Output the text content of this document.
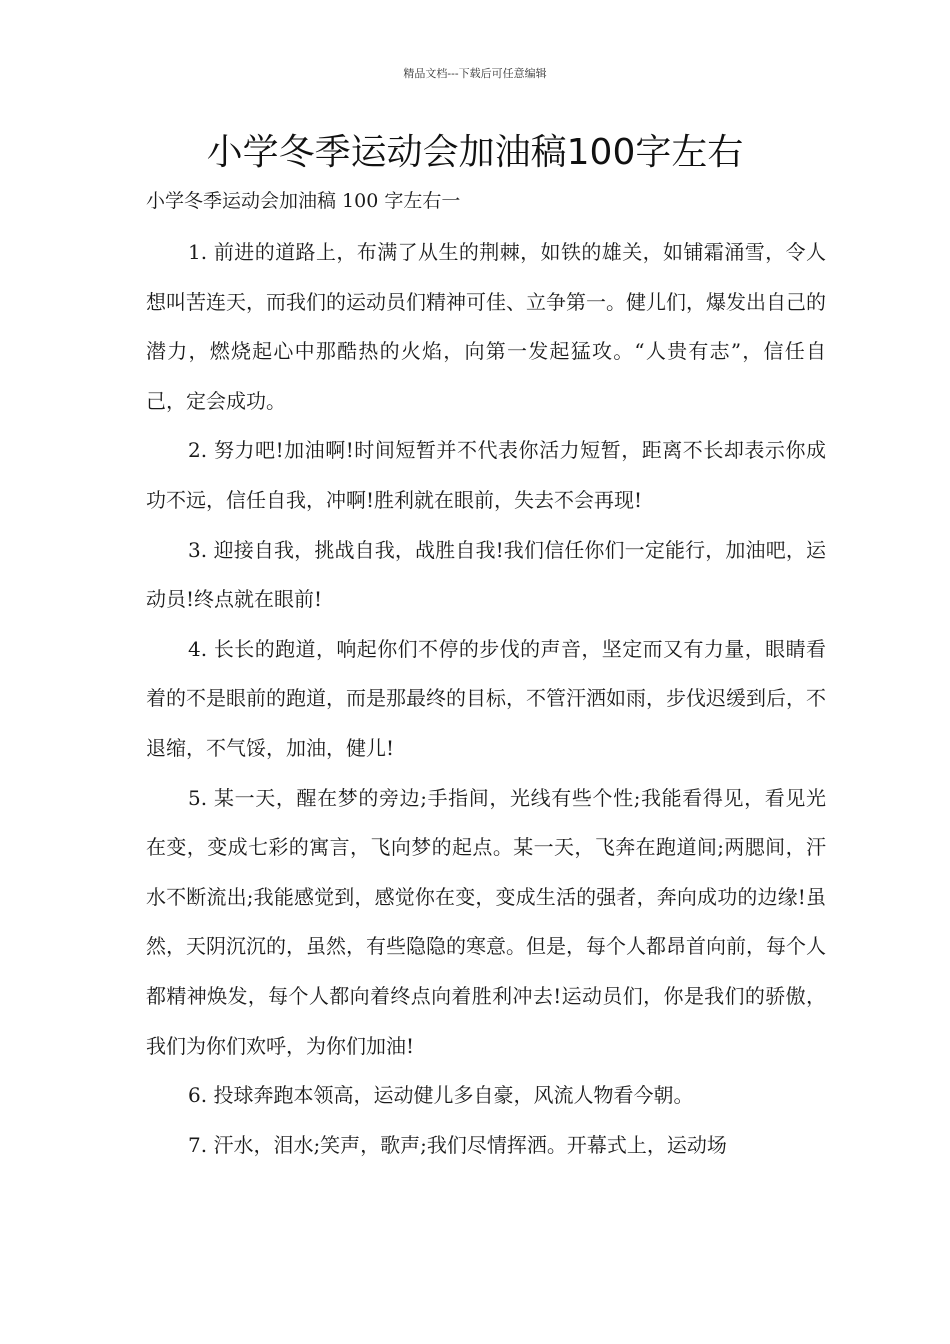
精品文档---下载后可任意编辑
小学冬季运动会加油稿100字左右

小学冬季运动会加油稿 100 字左右一

1. 前进的道路上，布满了从生的荆棘，如铁的雄关，如铺霜涌雪，令人想叫苦连天，而我们的运动员们精神可佳、立争第一。健儿们，爆发出自己的潜力，燃烧起心中那酷热的火焰，向第一发起猛攻。“人贵有志”，信任自己，定会成功。

2. 努力吧!加油啊!时间短暂并不代表你活力短暂，距离不长却表示你成功不远，信任自我，冲啊!胜利就在眼前，失去不会再现!

3. 迎接自我，挑战自我，战胜自我!我们信任你们一定能行，加油吧，运动员!终点就在眼前!

4. 长长的跑道，响起你们不停的步伐的声音，坚定而又有力量，眼睛看着的不是眼前的跑道，而是那最终的目标，不管汗洒如雨，步伐迟缓到后，不退缩，不气馁，加油，健儿!

5. 某一天，醒在梦的旁边;手指间，光线有些个性;我能看得见，看见光在变，变成七彩的寓言，飞向梦的起点。某一天，飞奔在跑道间;两腮间，汗水不断流出;我能感觉到，感觉你在变，变成生活的强者，奔向成功的边缘!虽然，天阴沉沉的，虽然，有些隐隐的寒意。但是，每个人都昂首向前，每个人都精神焕发，每个人都向着终点向着胜利冲去!运动员们，你是我们的骄傲，我们为你们欢呼，为你们加油!

6. 投球奔跑本领高，运动健儿多自豪，风流人物看今朝。

7. 汗水，泪水;笑声，歌声;我们尽情挥洒。开幕式上，运动场
